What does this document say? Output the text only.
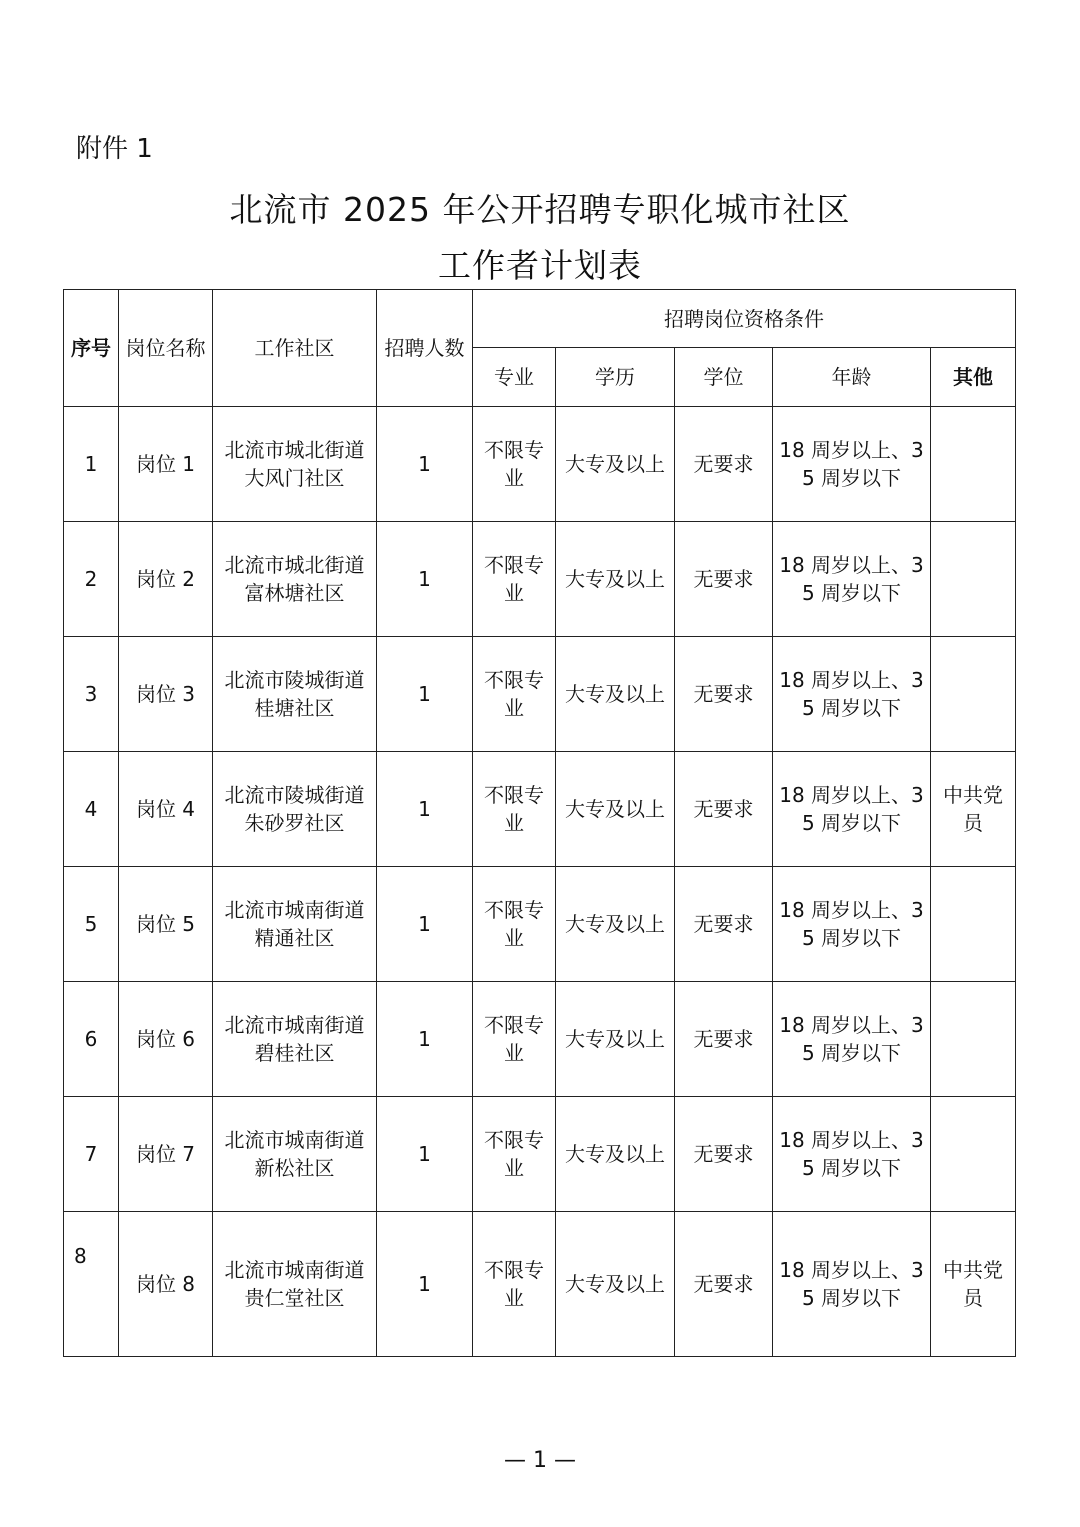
附件 1
北流市 2025 年公开招聘专职化城市社区
工作者计划表
序号	岗位名称	工作社区	招聘人数	招聘岗位资格条件				
				专业	学历	学位	年龄	其他
1	岗位 1	北流市城北街道大风门社区	1	不限专业	大专及以上	无要求	18 周岁以上、35 周岁以下	
2	岗位 2	北流市城北街道富林塘社区	1	不限专业	大专及以上	无要求	18 周岁以上、35 周岁以下	
3	岗位 3	北流市陵城街道桂塘社区	1	不限专业	大专及以上	无要求	18 周岁以上、35 周岁以下	
4	岗位 4	北流市陵城街道朱砂罗社区	1	不限专业	大专及以上	无要求	18 周岁以上、35 周岁以下	中共党员
5	岗位 5	北流市城南街道精通社区	1	不限专业	大专及以上	无要求	18 周岁以上、35 周岁以下	
6	岗位 6	北流市城南街道碧桂社区	1	不限专业	大专及以上	无要求	18 周岁以上、35 周岁以下	
7	岗位 7	北流市城南街道新松社区	1	不限专业	大专及以上	无要求	18 周岁以上、35 周岁以下	
8	岗位 8	北流市城南街道贵仁堂社区	1	不限专业	大专及以上	无要求	18 周岁以上、35 周岁以下	中共党员
— 1 —
